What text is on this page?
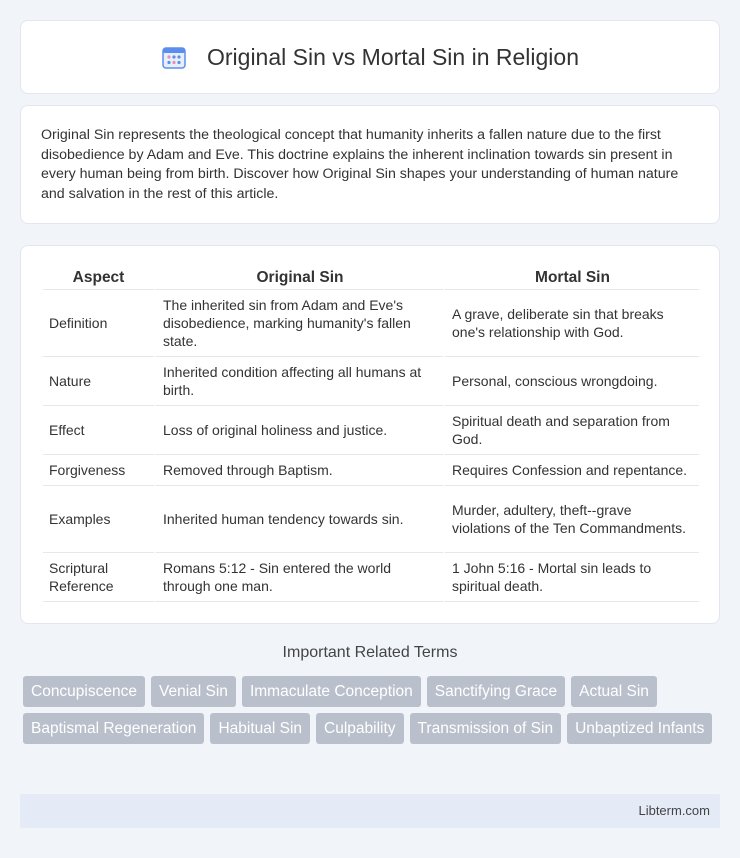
Original Sin vs Mortal Sin in Religion

Original Sin represents the theological concept that humanity inherits a fallen nature due to the first disobedience by Adam and Eve. This doctrine explains the inherent inclination towards sin present in every human being from birth. Discover how Original Sin shapes your understanding of human nature and salvation in the rest of this article.

Aspect	Original Sin	Mortal Sin
Definition	The inherited sin from Adam and Eve's disobedience, marking humanity's fallen state.	A grave, deliberate sin that breaks one's relationship with God.
Nature	Inherited condition affecting all humans at birth.	Personal, conscious wrongdoing.
Effect	Loss of original holiness and justice.	Spiritual death and separation from God.
Forgiveness	Removed through Baptism.	Requires Confession and repentance.
Examples	Inherited human tendency towards sin.	Murder, adultery, theft--grave violations of the Ten Commandments.
Scriptural Reference	Romans 5:12 - Sin entered the world through one man.	1 John 5:16 - Mortal sin leads to spiritual death.
Important Related Terms
Concupiscence	Venial Sin	Immaculate Conception	Sanctifying Grace	Actual Sin
Baptismal Regeneration	Habitual Sin	Culpability	Transmission of Sin	Unbaptized Infants
Libterm.com
